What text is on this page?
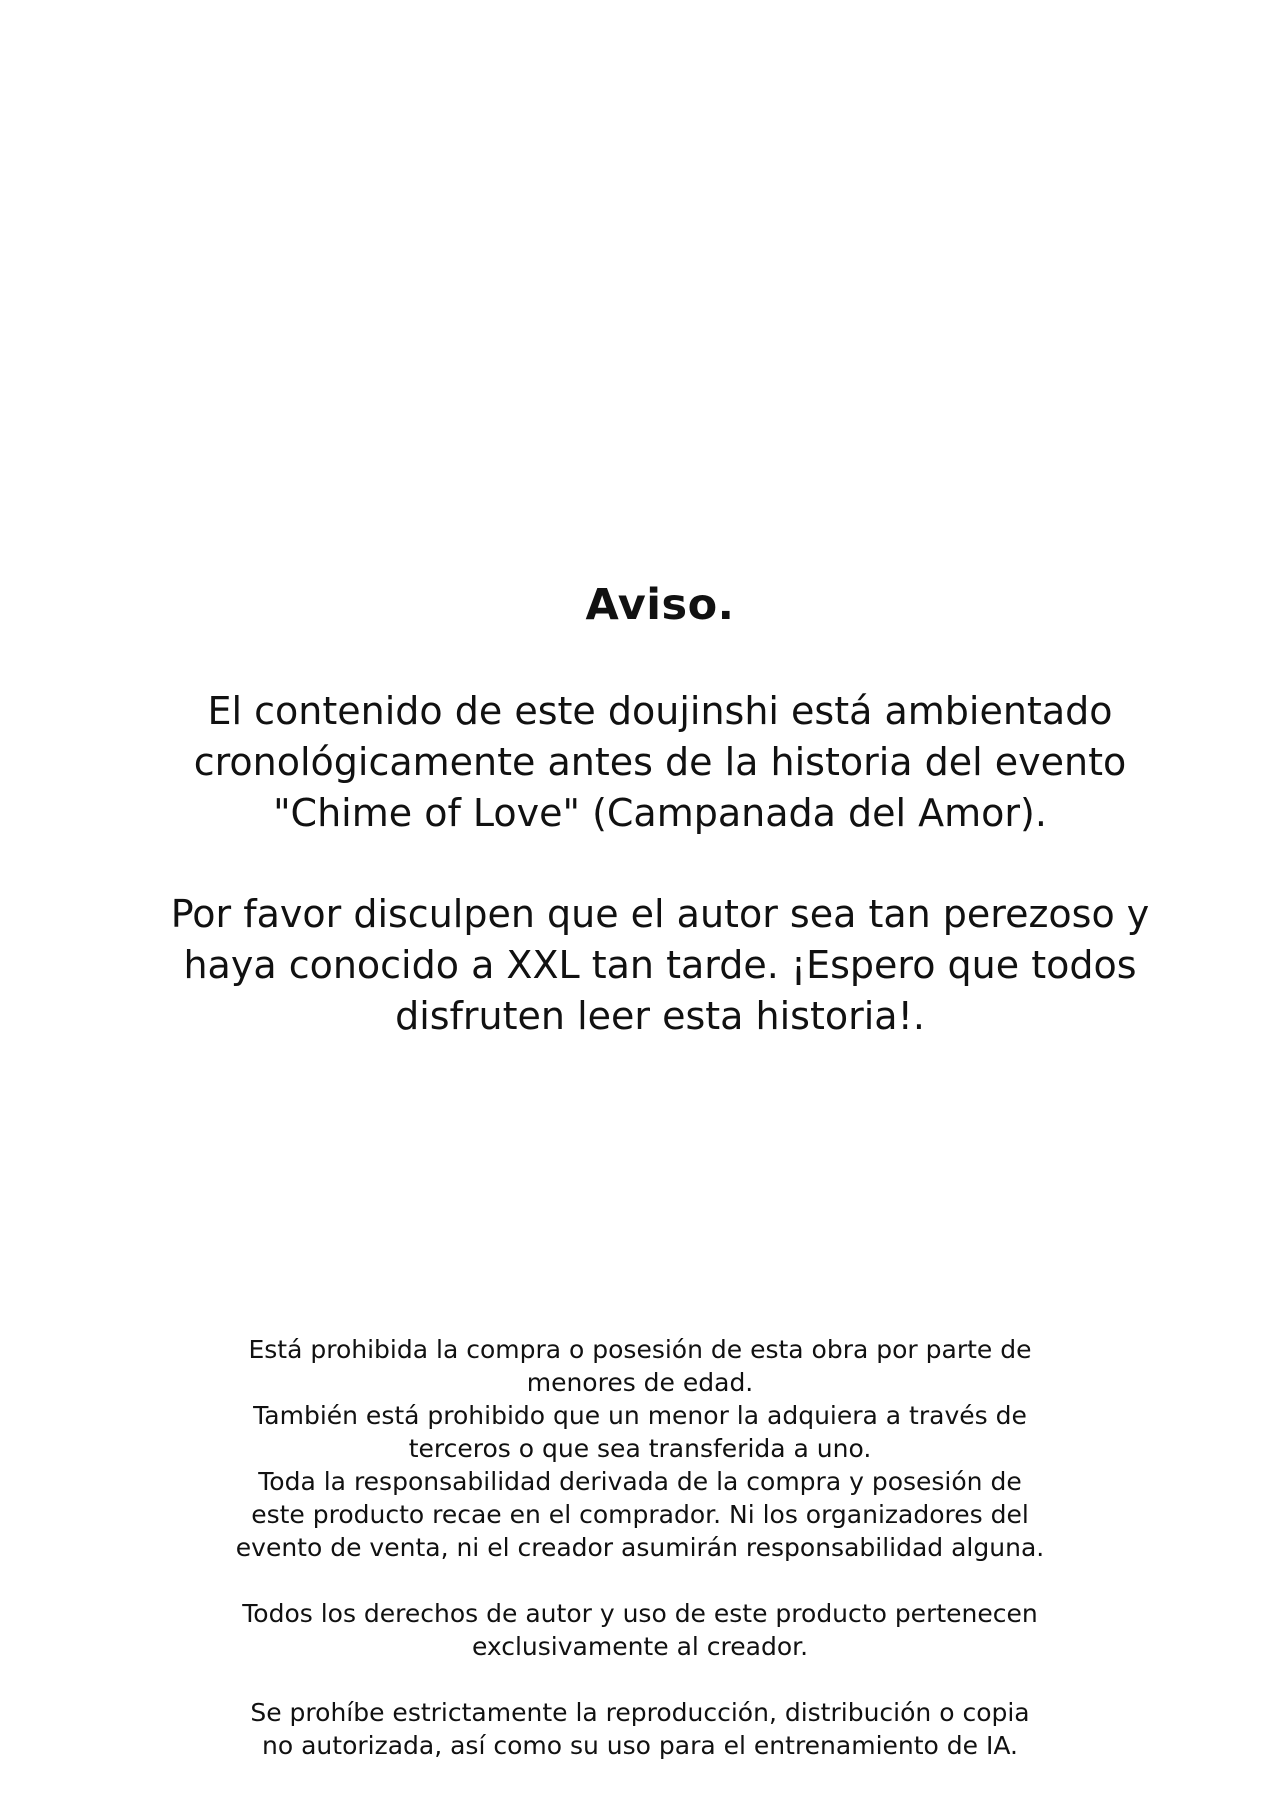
Aviso.

El contenido de este doujinshi está ambientado
cronológicamente antes de la historia del evento
"Chime of Love" (Campanada del Amor).

Por favor disculpen que el autor sea tan perezoso y
haya conocido a XXL tan tarde. ¡Espero que todos
disfruten leer esta historia!.

Está prohibida la compra o posesión de esta obra por parte de
menores de edad.
También está prohibido que un menor la adquiera a través de
terceros o que sea transferida a uno.
Toda la responsabilidad derivada de la compra y posesión de
este producto recae en el comprador. Ni los organizadores del
evento de venta, ni el creador asumirán responsabilidad alguna.

Todos los derechos de autor y uso de este producto pertenecen
exclusivamente al creador.

Se prohíbe estrictamente la reproducción, distribución o copia
no autorizada, así como su uso para el entrenamiento de IA.
